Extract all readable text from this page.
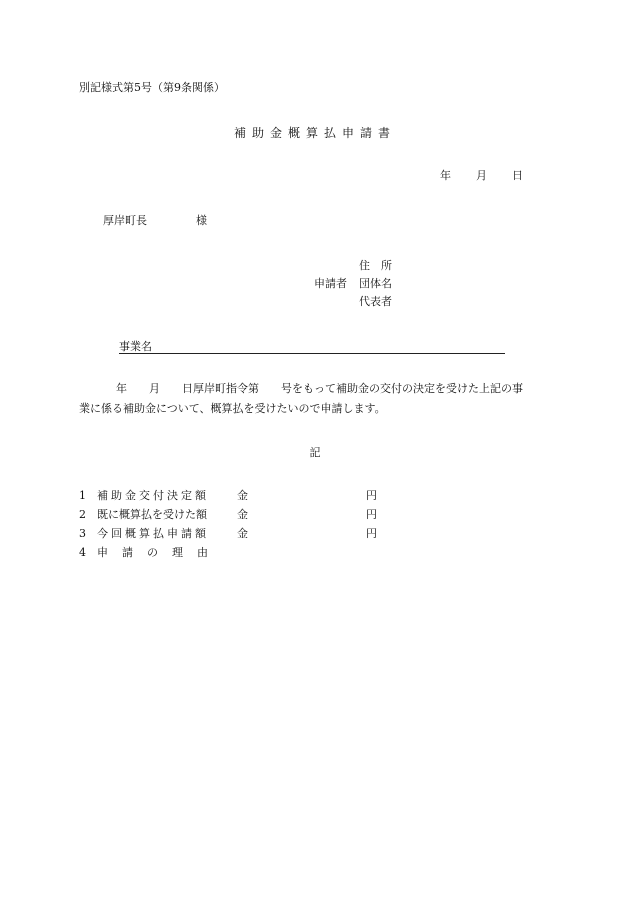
別記様式第5号（第9条関係）
補助金概算払申請書
年 月 日
厚岸町長	様
住　所
申請者 団体名
代表者
事業名
年　　月　　日厚岸町指令第　　号をもって補助金の交付の決定を受けた上記の事
業に係る補助金について、概算払を受けたいので申請します。
記
1 補助金交付決定額	金	円
2 既に概算払を受けた額	金	円
3 今回概算払申請額	金	円
4 申請の理由
